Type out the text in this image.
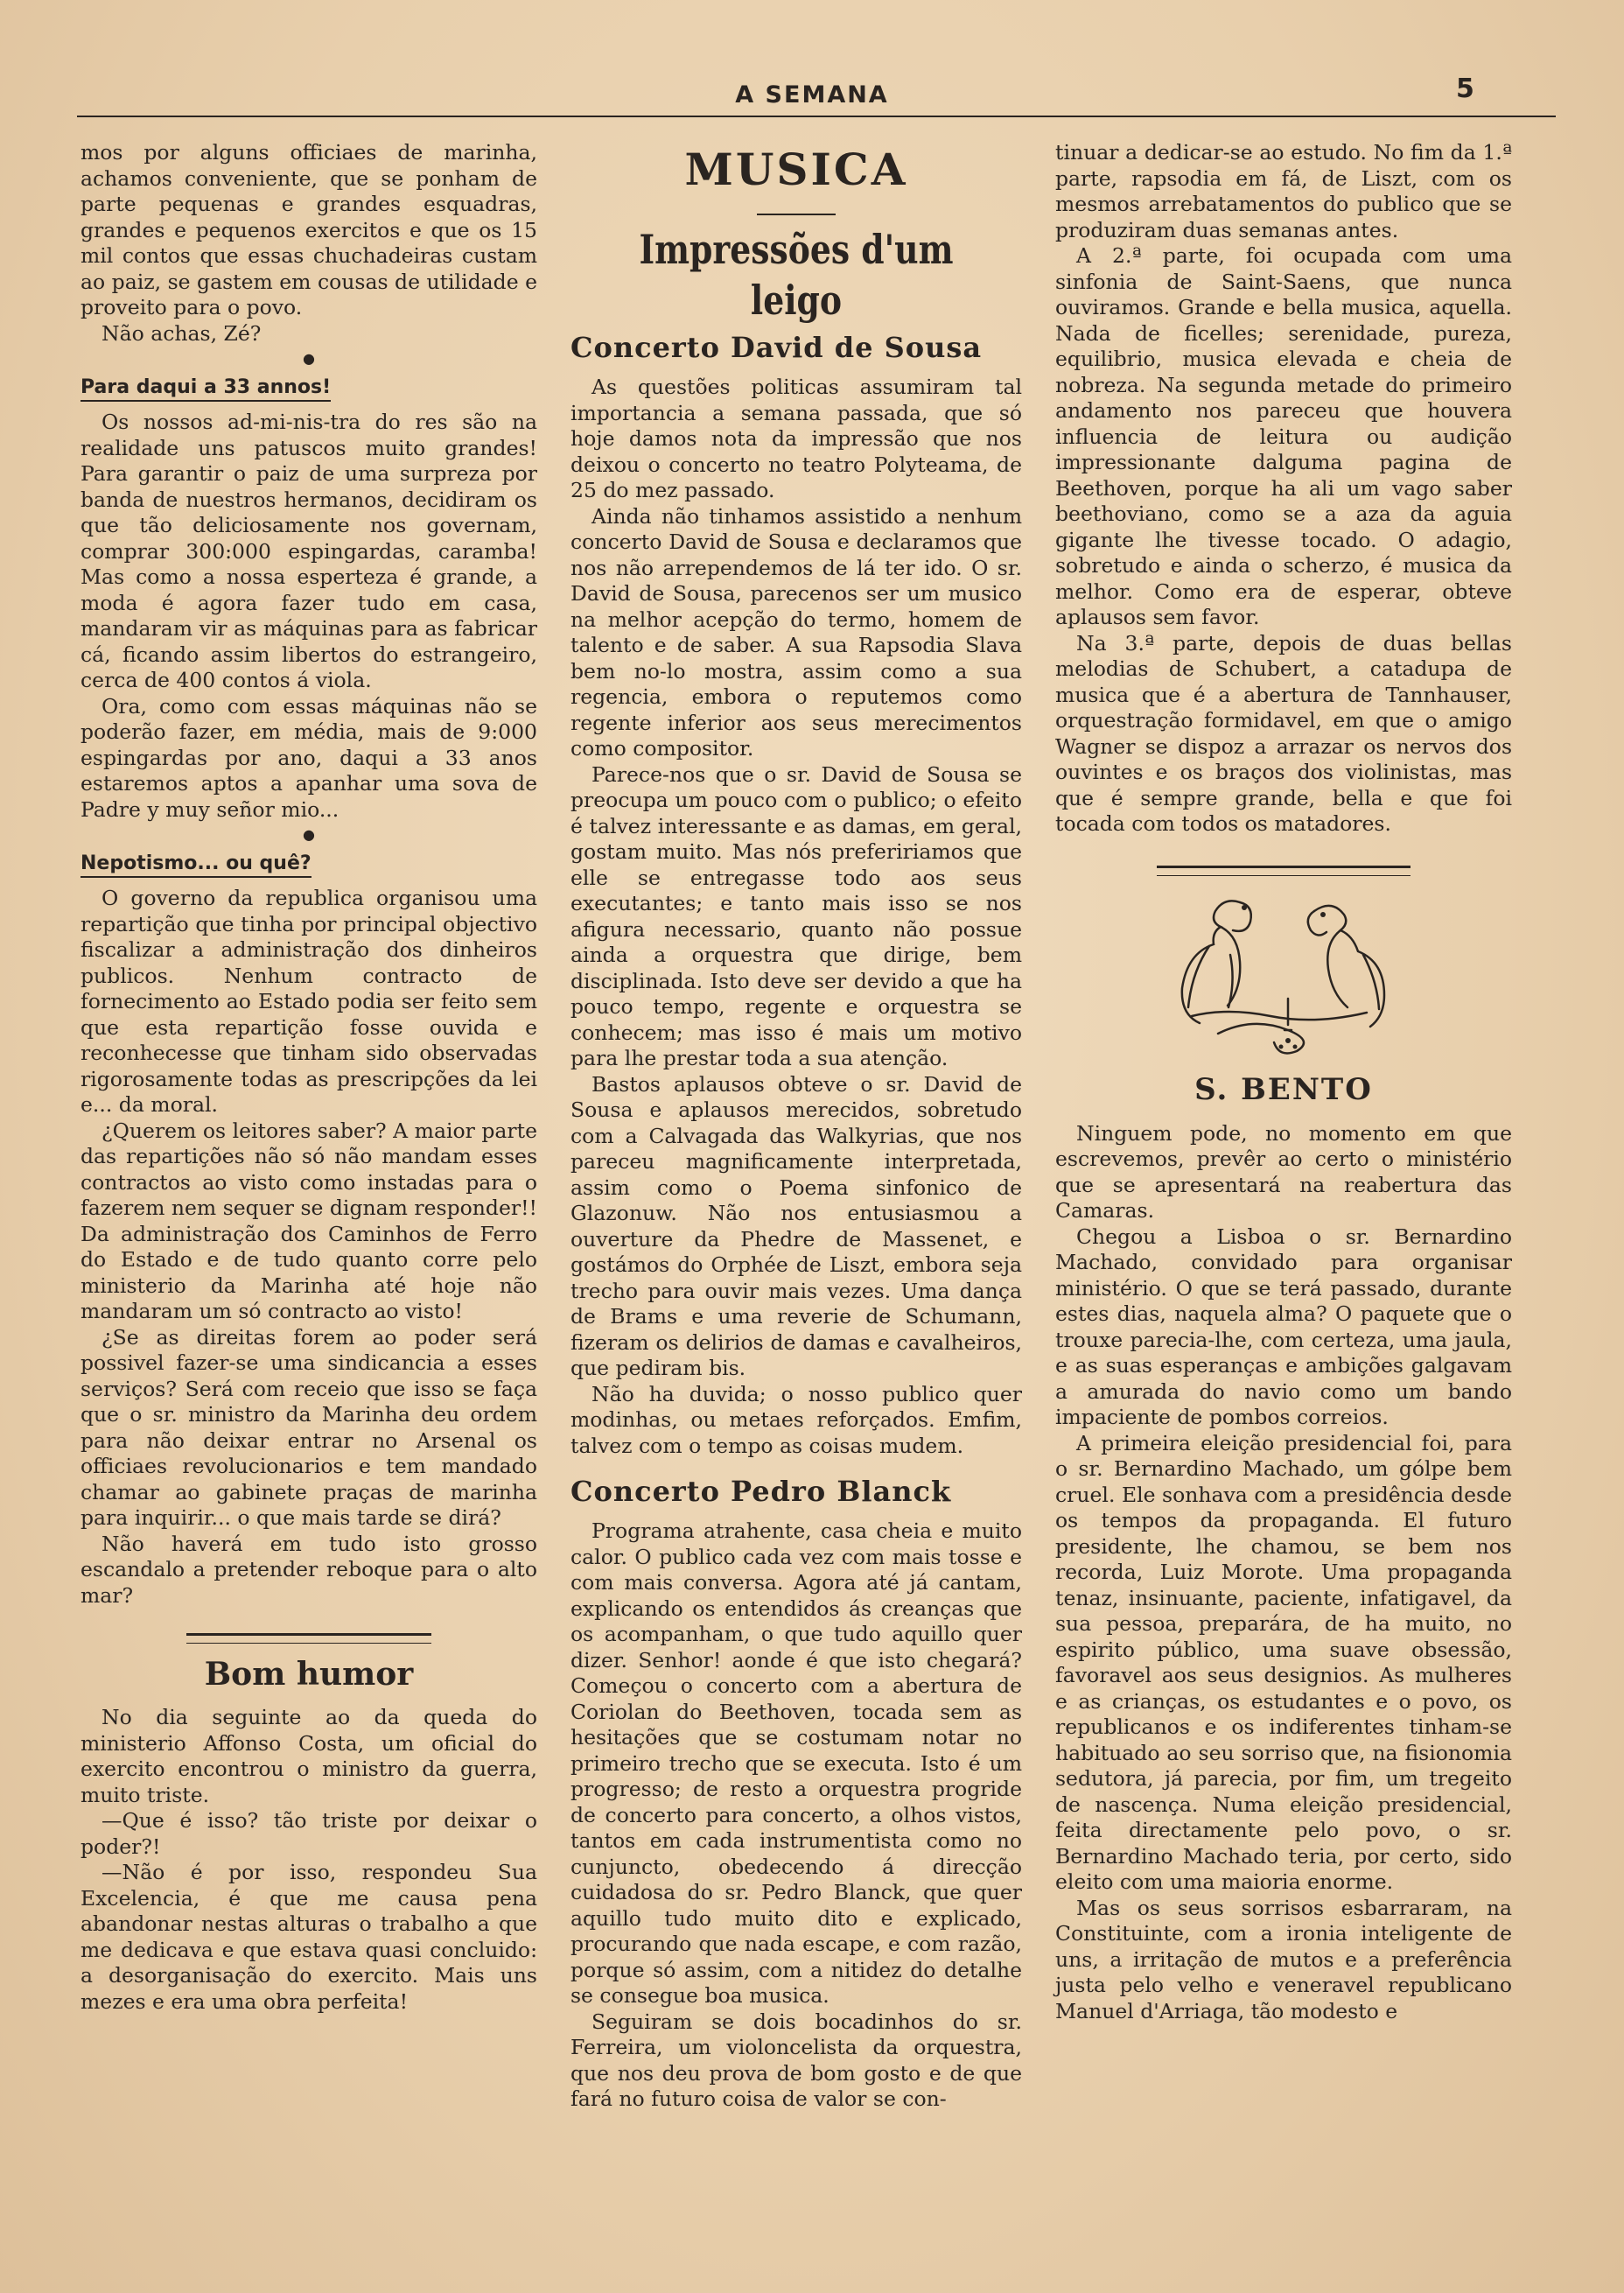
A SEMANA	5

mos por alguns officiaes de marinha, achamos conveniente, que se ponham de parte pequenas e grandes esquadras, grandes e pequenos exercitos e que os 15 mil contos que essas chuchadeiras custam ao paiz, se gastem em cousas de utilidade e proveito para o povo.

Não achas, Zé?

●
Para daqui a 33 annos!

Os nossos ad-mi-nis-tra do res são na realidade uns patuscos muito grandes! Para garantir o paiz de uma surpreza por banda de nuestros hermanos, decidiram os que tão deliciosamente nos governam, comprar 300:000 espingardas, caramba! Mas como a nossa esperteza é grande, a moda é agora fazer tudo em casa, mandaram vir as máquinas para as fabricar cá, ficando assim libertos do estrangeiro, cerca de 400 contos á viola.

Ora, como com essas máquinas não se poderão fazer, em média, mais de 9:000 espingardas por ano, daqui a 33 anos estaremos aptos a apanhar uma sova de Padre y muy señor mio...

●
Nepotismo... ou quê?

O governo da republica organisou uma repartição que tinha por principal objectivo fiscalizar a administração dos dinheiros publicos. Nenhum contracto de fornecimento ao Estado podia ser feito sem que esta repartição fosse ouvida e reconhecesse que tinham sido observadas rigorosamente todas as prescripções da lei e... da moral.

¿Querem os leitores saber? A maior parte das repartições não só não mandam esses contractos ao visto como instadas para o fazerem nem sequer se dignam responder!! Da administração dos Caminhos de Ferro do Estado e de tudo quanto corre pelo ministerio da Marinha até hoje não mandaram um só contracto ao visto!

¿Se as direitas forem ao poder será possivel fazer-se uma sindicancia a esses serviços? Será com receio que isso se faça que o sr. ministro da Marinha deu ordem para não deixar entrar no Arsenal os officiaes revolucionarios e tem mandado chamar ao gabinete praças de marinha para inquirir... o que mais tarde se dirá?

Não haverá em tudo isto grosso escandalo a pretender reboque para o alto mar?

Bom humor

No dia seguinte ao da queda do ministerio Affonso Costa, um oficial do exercito encontrou o ministro da guerra, muito triste.

—Que é isso? tão triste por deixar o poder?!

—Não é por isso, respondeu Sua Excelencia, é que me causa pena abandonar nestas alturas o trabalho a que me dedicava e que estava quasi concluido: a desorganisação do exercito. Mais uns mezes e era uma obra perfeita!

MUSICA
Impressões d'um leigo
Concerto David de Sousa

As questões politicas assumiram tal importancia a semana passada, que só hoje damos nota da impressão que nos deixou o concerto no teatro Polyteama, de 25 do mez passado.

Ainda não tinhamos assistido a nenhum concerto David de Sousa e declaramos que nos não arrependemos de lá ter ido. O sr. David de Sousa, parecenos ser um musico na melhor acepção do termo, homem de talento e de saber. A sua Rapsodia Slava bem no-lo mostra, assim como a sua regencia, embora o reputemos como regente inferior aos seus merecimentos como compositor.

Parece-nos que o sr. David de Sousa se preocupa um pouco com o publico; o efeito é talvez interessante e as damas, em geral, gostam muito. Mas nós prefeririamos que elle se entregasse todo aos seus executantes; e tanto mais isso se nos afigura necessario, quanto não possue ainda a orquestra que dirige, bem disciplinada. Isto deve ser devido a que ha pouco tempo, regente e orquestra se conhecem; mas isso é mais um motivo para lhe prestar toda a sua atenção.

Bastos aplausos obteve o sr. David de Sousa e aplausos merecidos, sobretudo com a Calvagada das Walkyrias, que nos pareceu magnificamente interpretada, assim como o Poema sinfonico de Glazonuw. Não nos entusiasmou a ouverture da Phedre de Massenet, e gostámos do Orphée de Liszt, embora seja trecho para ouvir mais vezes. Uma dança de Brams e uma reverie de Schumann, fizeram os delirios de damas e cavalheiros, que pediram bis.

Não ha duvida; o nosso publico quer modinhas, ou metaes reforçados. Emfim, talvez com o tempo as coisas mudem.

Concerto Pedro Blanck

Programa atrahente, casa cheia e muito calor. O publico cada vez com mais tosse e com mais conversa. Agora até já cantam, explicando os entendidos ás creanças que os acompanham, o que tudo aquillo quer dizer. Senhor! aonde é que isto chegará? Começou o concerto com a abertura de Coriolan do Beethoven, tocada sem as hesitações que se costumam notar no primeiro trecho que se executa. Isto é um progresso; de resto a orquestra progride de concerto para concerto, a olhos vistos, tantos em cada instrumentista como no cunjuncto, obedecendo á direcção cuidadosa do sr. Pedro Blanck, que quer aquillo tudo muito dito e explicado, procurando que nada escape, e com razão, porque só assim, com a nitidez do detalhe se consegue boa musica.

Seguiram se dois bocadinhos do sr. Ferreira, um violoncelista da orquestra, que nos deu prova de bom gosto e de que fará no futuro coisa de valor se con-

tinuar a dedicar-se ao estudo. No fim da 1.ª parte, rapsodia em fá, de Liszt, com os mesmos arrebatamentos do publico que se produziram duas semanas antes.

A 2.ª parte, foi ocupada com uma sinfonia de Saint-Saens, que nunca ouviramos. Grande e bella musica, aquella. Nada de ficelles; serenidade, pureza, equilibrio, musica elevada e cheia de nobreza. Na segunda metade do primeiro andamento nos pareceu que houvera influencia de leitura ou audição impressionante dalguma pagina de Beethoven, porque ha ali um vago saber beethoviano, como se a aza da aguia gigante lhe tivesse tocado. O adagio, sobretudo e ainda o scherzo, é musica da melhor. Como era de esperar, obteve aplausos sem favor.

Na 3.ª parte, depois de duas bellas melodias de Schubert, a catadupa de musica que é a abertura de Tannhauser, orquestração formidavel, em que o amigo Wagner se dispoz a arrazar os nervos dos ouvintes e os braços dos violinistas, mas que é sempre grande, bella e que foi tocada com todos os matadores.

S. BENTO

Ninguem pode, no momento em que escrevemos, prevêr ao certo o ministério que se apresentará na reabertura das Camaras.

Chegou a Lisboa o sr. Bernardino Machado, convidado para organisar ministério. O que se terá passado, durante estes dias, naquela alma? O paquete que o trouxe parecia-lhe, com certeza, uma jaula, e as suas esperanças e ambições galgavam a amurada do navio como um bando impaciente de pombos correios.

A primeira eleição presidencial foi, para o sr. Bernardino Machado, um gólpe bem cruel. Ele sonhava com a presidência desde os tempos da propaganda. El futuro presidente, lhe chamou, se bem nos recorda, Luiz Morote. Uma propaganda tenaz, insinuante, paciente, infatigavel, da sua pessoa, preparára, de ha muito, no espirito público, uma suave obsessão, favoravel aos seus designios. As mulheres e as crianças, os estudantes e o povo, os republicanos e os indiferentes tinham-se habituado ao seu sorriso que, na fisionomia sedutora, já parecia, por fim, um tregeito de nascença. Numa eleição presidencial, feita directamente pelo povo, o sr. Bernardino Machado teria, por certo, sido eleito com uma maioria enorme.

Mas os seus sorrisos esbarraram, na Constituinte, com a ironia inteligente de uns, a irritação de mutos e a preferência justa pelo velho e veneravel republicano Manuel d'Arriaga, tão modesto e
